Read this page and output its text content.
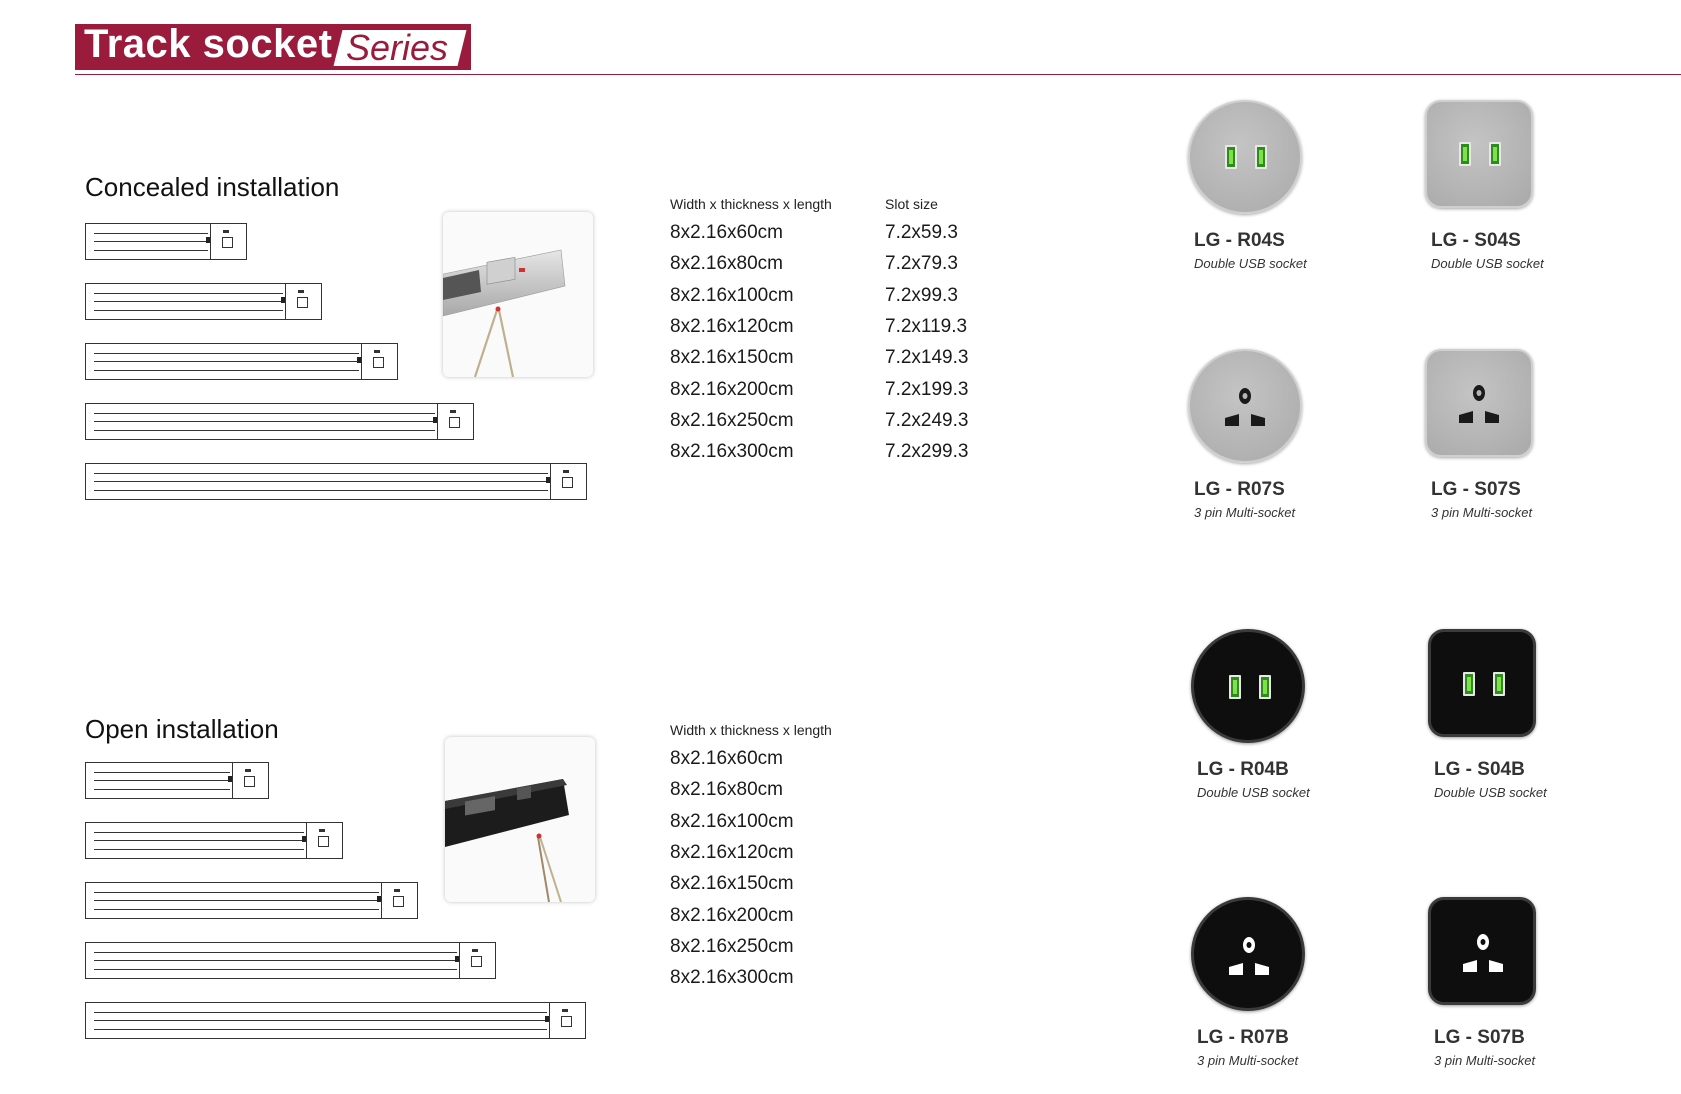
Track socket Series
Concealed installation
Width x thickness x length	Slot size
8x2.16x60cm
8x2.16x80cm
8x2.16x100cm
8x2.16x120cm
8x2.16x150cm
8x2.16x200cm
8x2.16x250cm
8x2.16x300cm
7.2x59.3
7.2x79.3
7.2x99.3
7.2x119.3
7.2x149.3
7.2x199.3
7.2x249.3
7.2x299.3
Open installation	Width x thickness x length
8x2.16x60cm
8x2.16x80cm
8x2.16x100cm
8x2.16x120cm
8x2.16x150cm
8x2.16x200cm
8x2.16x250cm
8x2.16x300cm
LG - R04S
Double USB socket
LG - S04S
Double USB socket
LG - R07S
3 pin Multi-socket
LG - S07S
3 pin Multi-socket
LG - R04B
Double USB socket
LG - S04B
Double USB socket
LG - R07B
3 pin Multi-socket
LG - S07B
3 pin Multi-socket
